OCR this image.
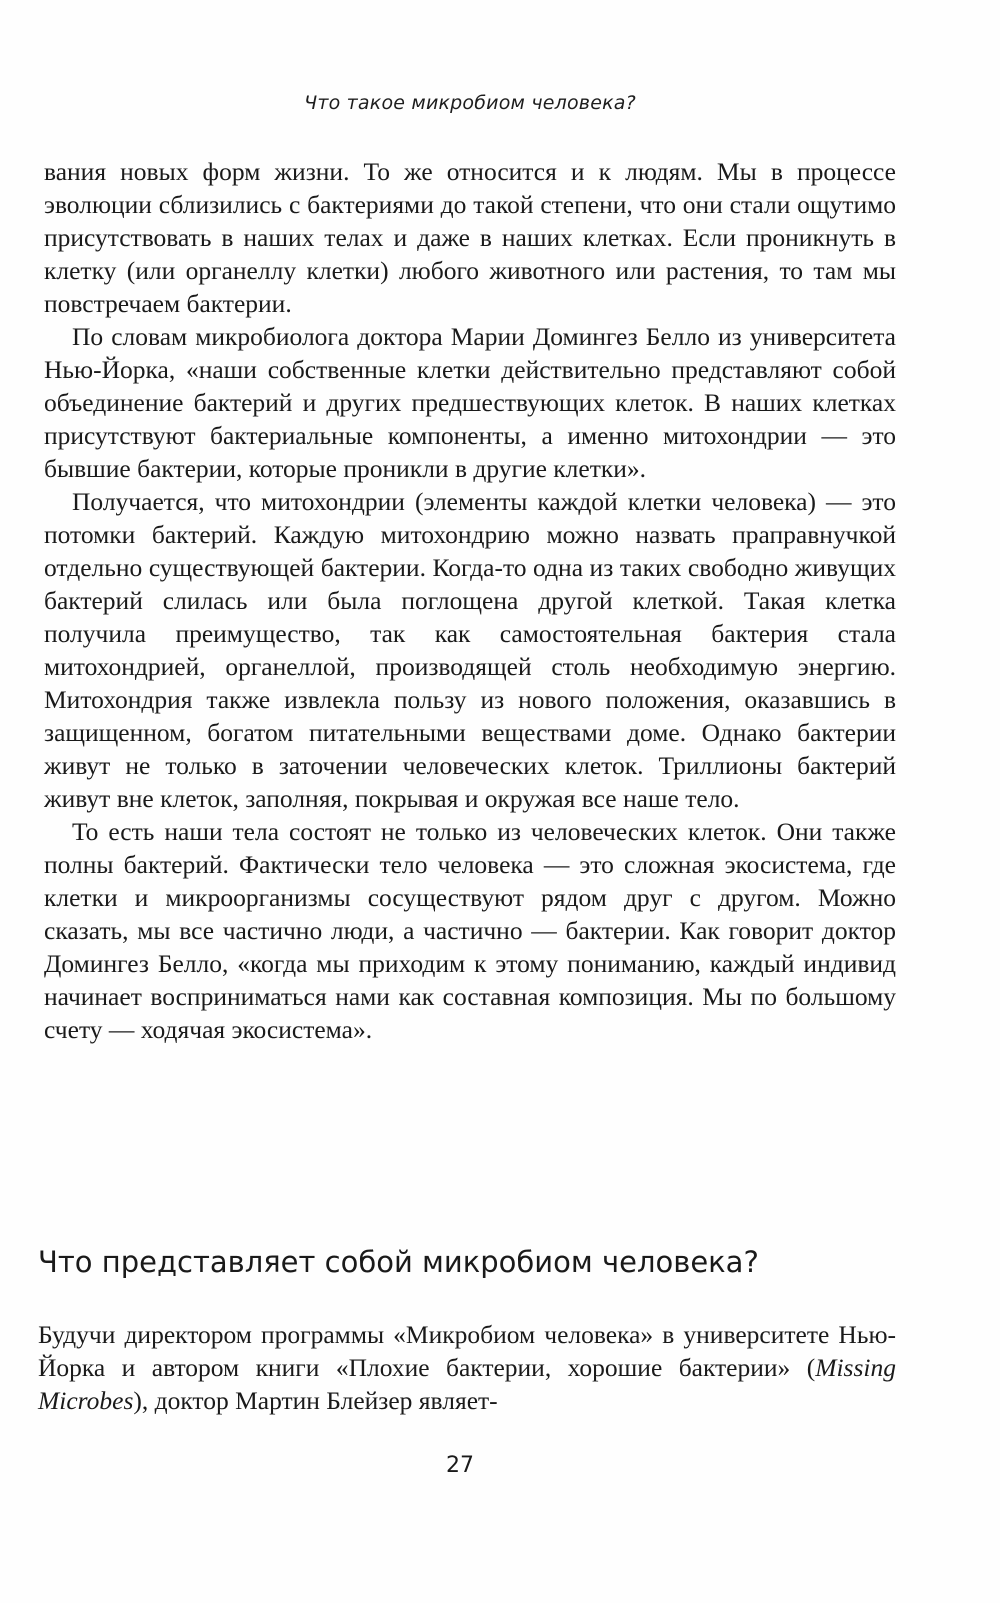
Что такое микробиом человека?

вания новых форм жизни. То же относится и к людям. Мы в процессе эволюции сблизились с бактериями до такой степени, что они стали ощутимо присутствовать в наших телах и даже в наших клетках. Если проникнуть в клетку (или органеллу клетки) любого животного или растения, то там мы повстречаем бактерии.

По словам микробиолога доктора Марии Домингез Белло из университета Нью-Йорка, «наши собственные клетки действительно представляют собой объединение бактерий и других предшествующих клеток. В наших клетках присутствуют бактериальные компоненты, а именно митохондрии — это бывшие бактерии, которые проникли в другие клетки».

Получается, что митохондрии (элементы каждой клетки человека) — это потомки бактерий. Каждую митохондрию можно назвать праправнучкой отдельно существующей бактерии. Когда-то одна из таких свободно живущих бактерий слилась или была поглощена другой клеткой. Такая клетка получила преимущество, так как самостоятельная бактерия стала митохондрией, органеллой, производящей столь необходимую энергию. Митохондрия также извлекла пользу из нового положения, оказавшись в защищенном, богатом питательными веществами доме. Однако бактерии живут не только в заточении человеческих клеток. Триллионы бактерий живут вне клеток, заполняя, покрывая и окружая все наше тело.

То есть наши тела состоят не только из человеческих клеток. Они также полны бактерий. Фактически тело человека — это сложная экосистема, где клетки и микроорганизмы сосуществуют рядом друг с другом. Можно сказать, мы все частично люди, а частично — бактерии. Как говорит доктор Домингез Белло, «когда мы приходим к этому пониманию, каждый индивид начинает восприниматься нами как составная композиция. Мы по большому счету — ходячая экосистема».

Что представляет собой микробиом человека?

Будучи директором программы «Микробиом человека» в университете Нью-Йорка и автором книги «Плохие бактерии, хорошие бактерии» (Missing Microbes), доктор Мартин Блейзер являет-

27
